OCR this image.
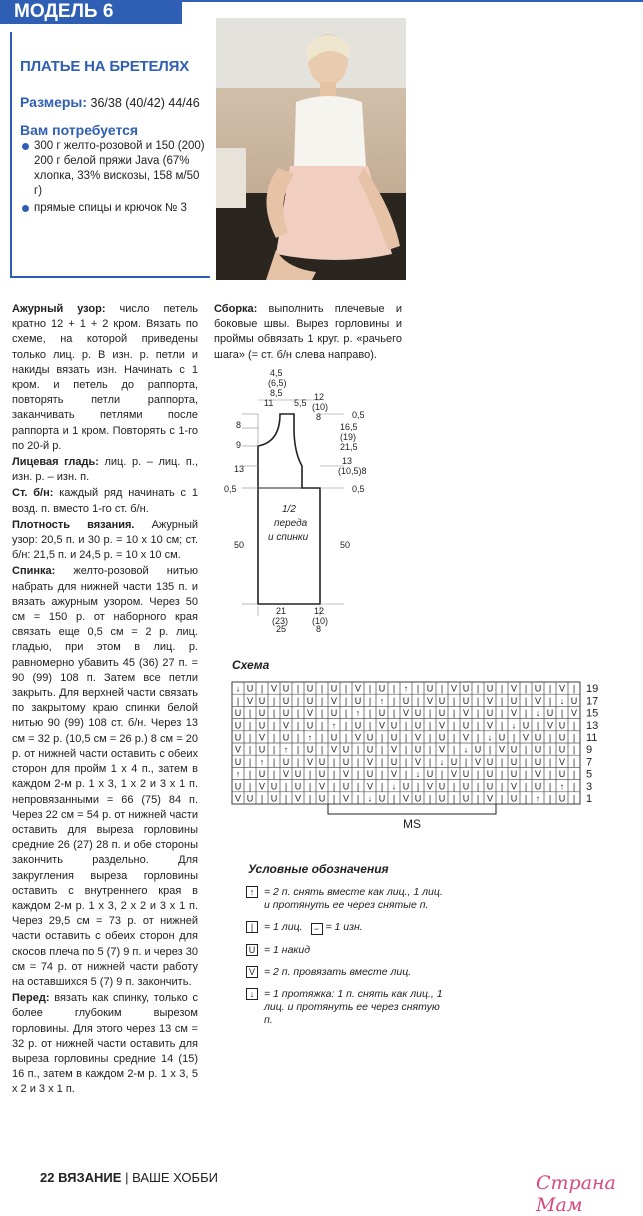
МОДЕЛЬ 6
ПЛАТЬЕ НА БРЕТЕЛЯХ
Размеры: 36/38 (40/42) 44/46
Вам потребуется
300 г желто-розовой и 150 (200) 200 г белой пряжи Java (67% хлопка, 33% вискозы, 158 м/50 г)
прямые спицы и крючок № 3

Ажурный узор: число петель кратно 12 + 1 + 2 кром. Вязать по схеме, на которой приведены только лиц. р. В изн. р. петли и накиды вязать изн. Начинать с 1 кром. и петель до раппорта, повторять петли раппорта, заканчивать петлями после раппорта и 1 кром. Повторять с 1-го по 20-й р.

Лицевая гладь: лиц. р. – лиц. п., изн. р. – изн. п.

Ст. б/н: каждый ряд начинать с 1 возд. п. вместо 1-го ст. б/н.

Плотность вязания. Ажурный узор: 20,5 п. и 30 р. = 10 х 10 см; ст. б/н: 21,5 п. и 24,5 р. = 10 х 10 см.

Спинка: желто-розовой нитью набрать для нижней части 135 п. и вязать ажурным узором. Через 50 см = 150 р. от наборного края связать еще 0,5 см = 2 р. лиц. гладью, при этом в лиц. р. равномерно убавить 45 (36) 27 п. = 90 (99) 108 п. Затем все петли закрыть. Для верхней части связать по закрытому краю спинки белой нитью 90 (99) 108 ст. б/н. Через 13 см = 32 р. (10,5 см = 26 р.) 8 см = 20 р. от нижней части оставить с обеих сторон для пройм 1 х 4 п., затем в каждом 2-м р. 1 х 3, 1 х 2 и 3 х 1 п. непровязанными = 66 (75) 84 п. Через 22 см = 54 р. от нижней части оставить для выреза горловины средние 26 (27) 28 п. и обе стороны закончить раздельно. Для закругления выреза горловины оставить с внутреннего края в каждом 2-м р. 1 х 3, 2 х 2 и 3 х 1 п. Через 29,5 см = 73 р. от нижней части оставить с обеих сторон для скосов плеча по 5 (7) 9 п. и через 30 см = 74 р. от нижней части работу на оставшихся 5 (7) 9 п. закончить.

Перед: вязать как спинку, только с более глубоким вырезом горловины. Для этого через 13 см = 32 р. от нижней части оставить для выреза горловины средние 14 (15) 16 п., затем в каждом 2-м р. 1 х 3, 5 х 2 и 3 х 1 п.

Сборка: выполнить плечевые и боковые швы. Вырез горловины и проймы обвязать 1 круг. р. «рачьего шага» (= ст. б/н слева направо).

4,5
(6,5)
8,5
11 5,5
12
(10)
8
8
9
13
0,5
50
0,5
16,5
(19)
21,5
13
(10,5)8
0,5
50
1/2
переда
и спинки
21
(23)
25
12
(10)
8
Схема
↓ U | V U | U | U | V | U | ↑ | U | V U | U | V | U | V |
| V U | U | U | V | U | ↑ | U | V U | U | V | U | V | ↓ U
U | U | U | V | U | ↑ | U | V U | U | V | U | V | ↓ U | V
U | U | V | U | ↑ | U | V U | U | V | U | V | ↓ U | V U |
U | V | U | ↑ | U | V U | U | V | U | V | ↓ U | V U | U |
V | U | ↑ | U | V U | U | V | U | V | ↓ U | V U | U | U |
U | ↑ | U | V U | U | V | U | V | ↓ U | V U | U | U | V |
↑ | U | V U | U | V | U | V | ↓ U | V U | U | U | V | U |
U | V U | U | V | U | V | ↓ U | V U | U | U | V | U | ↑ |
V U | U | V | U | V | ↓ U | V U | U | U | V | U | ↑ | U |
19
17
15
13
11
9
7
5
3
1
MS
Условные обозначения
↑ = 2 п. снять вместе как лиц., 1 лиц. и протянуть ее через снятые п.
|	= 1 лиц. − = 1 изн.
U = 1 накид
V = 2 п. провязать вместе лиц.
↓ = 1 протяжка: 1 п. снять как лиц., 1 лиц. и протянуть ее через снятую п.
22 ВЯЗАНИЕ | ВАШЕ ХОББИ	Страна Мам
